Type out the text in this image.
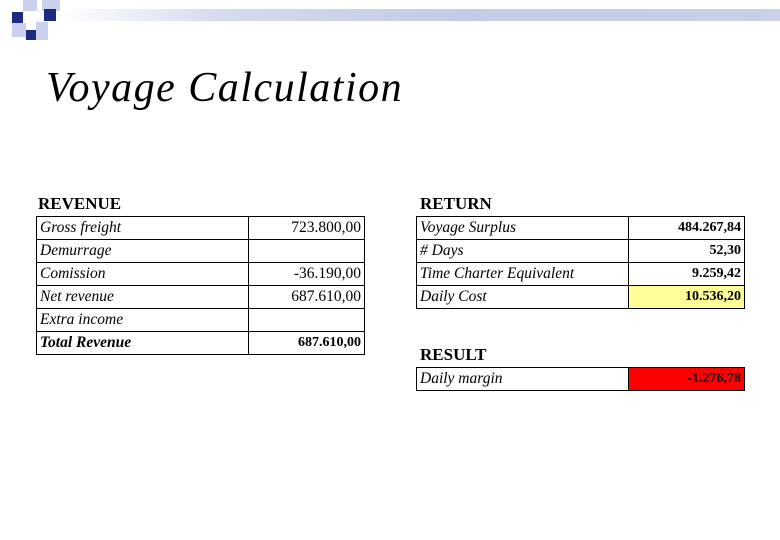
Voyage Calculation
REVENUE
Gross freight	723.800,00
Demurrage	
Comission	-36.190,00
Net revenue	687.610,00
Extra income	
Total Revenue	687.610,00
RETURN
Voyage Surplus	484.267,84
# Days	52,30
Time Charter Equivalent	9.259,42
Daily Cost	10.536,20
RESULT
Daily margin	-1.276,78
